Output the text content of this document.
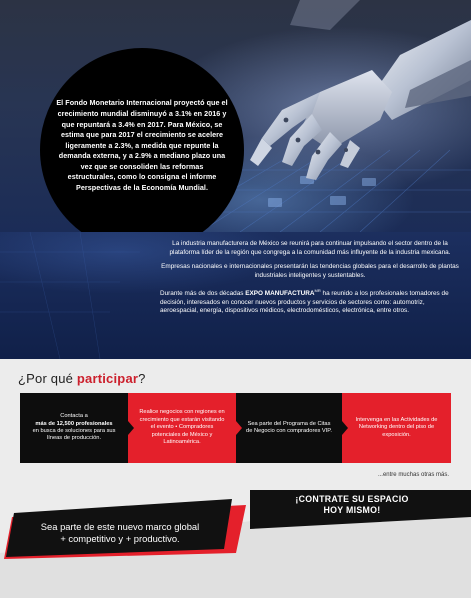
El Fondo Monetario Internacional proyectó que el crecimiento mundial disminuyó a 3.1% en 2016 y que repuntará a 3.4% en 2017. Para México, se estima que para 2017 el crecimiento se acelere ligeramente a 2.3%, a medida que repunte la demanda externa, y a 2.9% a mediano plazo una vez que se consoliden las reformas estructurales, como lo consigna el informe Perspectivas de la Economía Mundial.

La industria manufacturera de México se reunirá para continuar impulsando el sector dentro de la plataforma líder de la región que congrega a la comunidad más influyente de la industria mexicana.

Empresas nacionales e internacionales presentarán las tendencias globales para el desarrollo de plantas industriales inteligentes y sustentables.

Durante más de dos décadas EXPO $MANUFACTURA^{MR}$ ha reunido a los profesionales tomadores de decisión, interesados en conocer nuevos productos y servicios de sectores como: automotriz, aeroespacial, energía, dispositivos médicos, electrodomésticos, electrónica, entre otros.

¿Por qué participar?
Contacta a
más de 12,500 profesionales
en busca de soluciones para sus líneas de producción.
Realice negocios con regiones en crecimiento que estarán visitando el evento • Compradores potenciales de México y Latinoamérica.
Sea parte del Programa de Citas de Negocio con compradores VIP.
Intervenga en las Actividades de Networking dentro del piso de exposición.
...entre muchas otras más.
¡CONTRATE SU ESPACIO
HOY MISMO!
Sea parte de este nuevo marco global
+ competitivo y + productivo.
